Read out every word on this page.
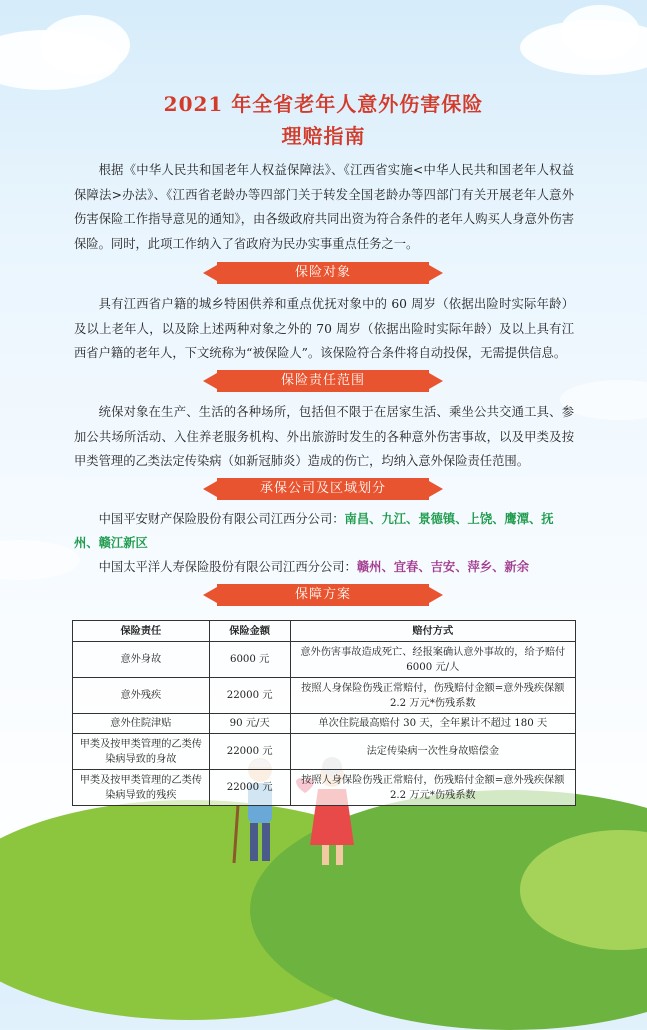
2021 年全省老年人意外伤害保险
理赔指南

根据《中华人民共和国老年人权益保障法》、《江西省实施<中华人民共和国老年人权益保障法>办法》、《江西省老龄办等四部门关于转发全国老龄办等四部门有关开展老年人意外伤害保险工作指导意见的通知》，由各级政府共同出资为符合条件的老年人购买人身意外伤害保险。同时，此项工作纳入了省政府为民办实事重点任务之一。

保险对象

具有江西省户籍的城乡特困供养和重点优抚对象中的 60 周岁（依据出险时实际年龄）及以上老年人，以及除上述两种对象之外的 70 周岁（依据出险时实际年龄）及以上具有江西省户籍的老年人，下文统称为“被保险人”。该保险符合条件将自动投保，无需提供信息。

保险责任范围

统保对象在生产、生活的各种场所，包括但不限于在居家生活、乘坐公共交通工具、参加公共场所活动、入住养老服务机构、外出旅游时发生的各种意外伤害事故，以及甲类及按甲类管理的乙类法定传染病（如新冠肺炎）造成的伤亡，均纳入意外保险责任范围。

承保公司及区域划分
中国平安财产保险股份有限公司江西分公司：南昌、九江、景德镇、上饶、鹰潭、抚
州、赣江新区
中国太平洋人寿保险股份有限公司江西分公司：赣州、宜春、吉安、萍乡、新余
保障方案
保险责任	保险金额	赔付方式
意外身故	6000 元	意外伤害事故造成死亡、经报案确认意外事故的，给予赔付 6000 元/人
意外残疾	22000 元	按照人身保险伤残正常赔付，伤残赔付金额=意外残疾保额 2.2 万元*伤残系数
意外住院津贴	90 元/天	单次住院最高赔付 30 天，全年累计不超过 180 天
甲类及按甲类管理的乙类传染病导致的身故	22000 元	法定传染病一次性身故赔偿金
甲类及按甲类管理的乙类传染病导致的残疾	22000 元	按照人身保险伤残正常赔付，伤残赔付金额=意外残疾保额 2.2 万元*伤残系数
